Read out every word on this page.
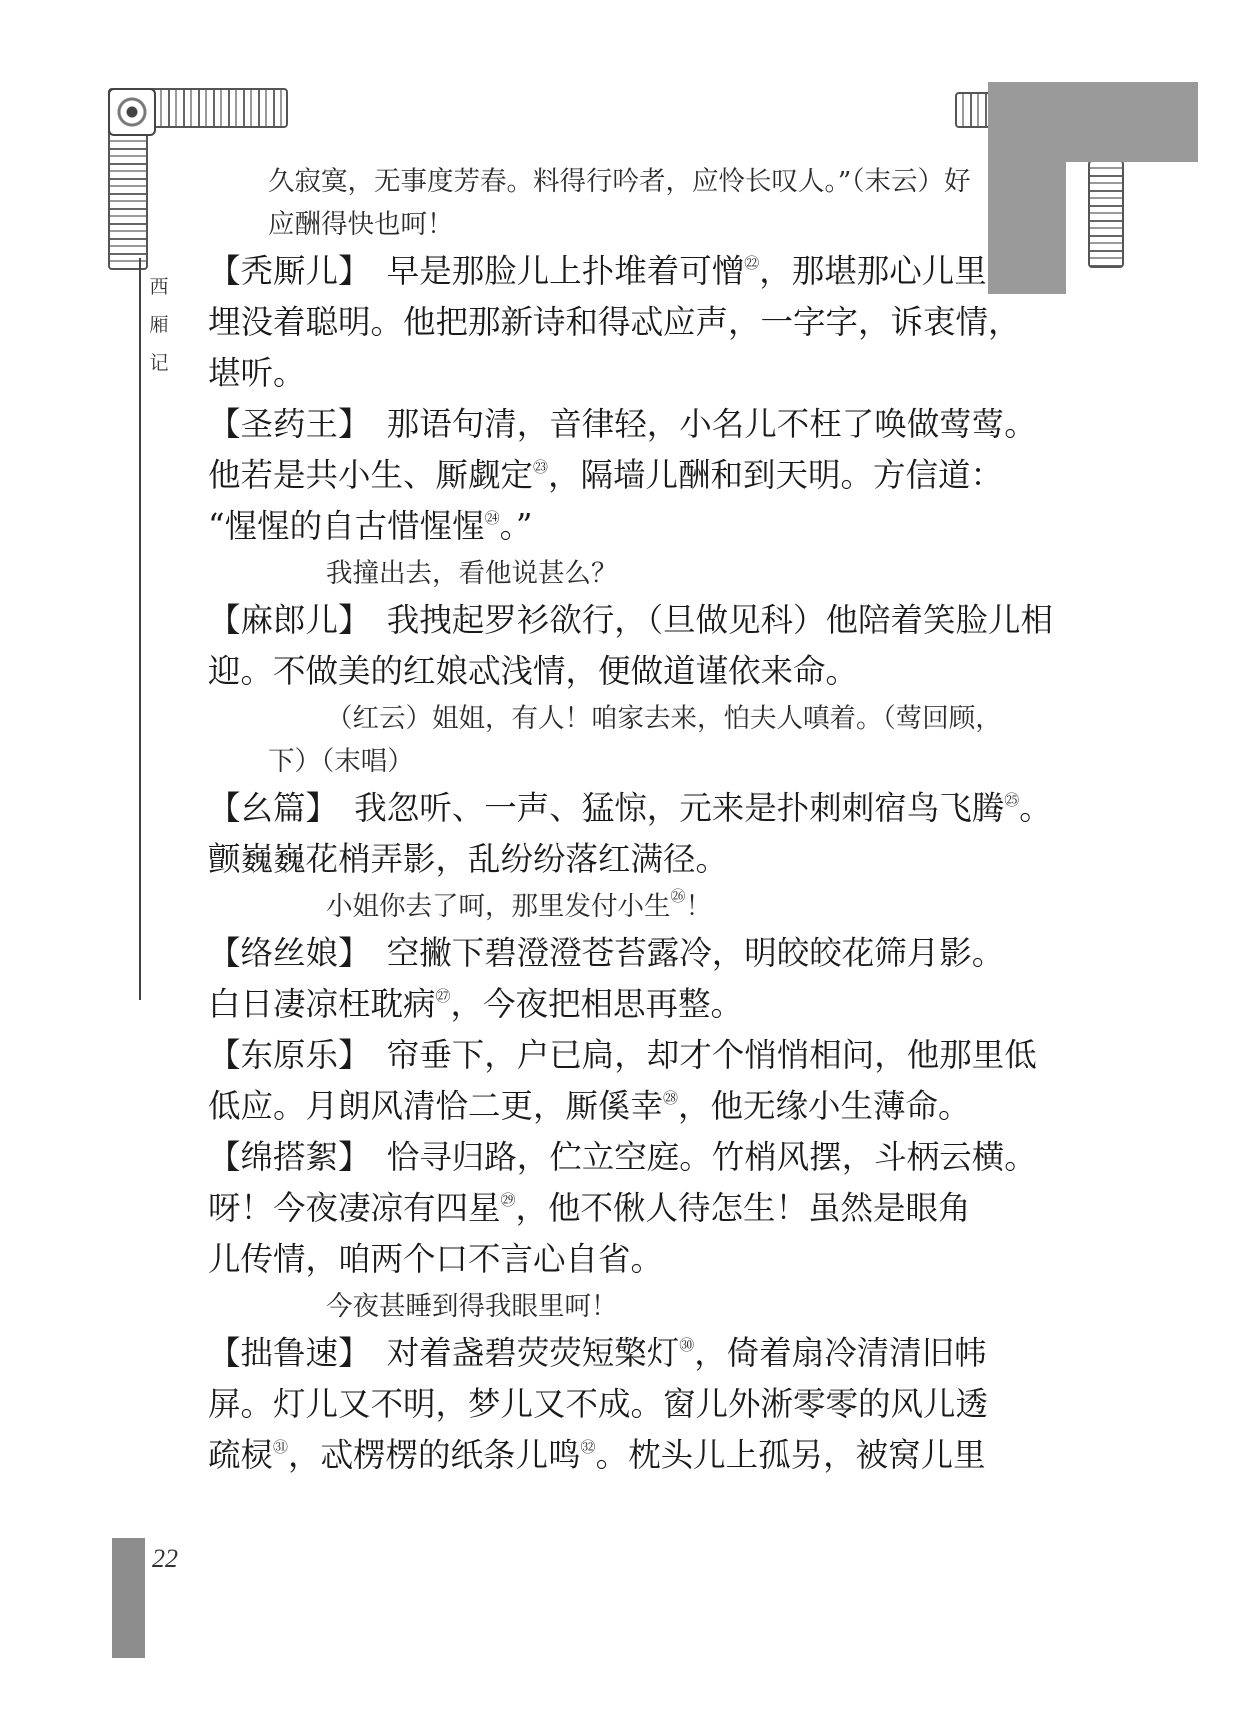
西
厢
记
久寂寞，无事度芳春。料得行吟者，应怜长叹人。”（末云）好
应酬得快也呵！
【秃厮儿】　早是那脸儿上扑堆着可憎$^㉒$，那堪那心儿里
埋没着聪明。他把那新诗和得忒应声，一字字，诉衷情，
堪听。
【圣药王】　那语句清，音律轻，小名儿不枉了唤做莺莺。
他若是共小生、厮觑定$^㉓$，隔墙儿酬和到天明。方信道：
“惺惺的自古惜惺惺$^㉔$。”
我撞出去，看他说甚么？
【麻郎儿】　我拽起罗衫欲行，（旦做见科）他陪着笑脸儿相
迎。不做美的红娘忒浅情，便做道谨依来命。
（红云）姐姐，有人！咱家去来，怕夫人嗔着。（莺回顾，
下）（末唱）
【幺篇】　我忽听、一声、猛惊，元来是扑刺刺宿鸟飞腾$^㉕$。
颤巍巍花梢弄影，乱纷纷落红满径。
小姐你去了呵，那里发付小生$^㉖$！
【络丝娘】　空撇下碧澄澄苍苔露冷，明皎皎花筛月影。
白日凄凉枉耽病$^㉗$，今夜把相思再整。
【东原乐】　帘垂下，户已扃，却才个悄悄相问，他那里低
低应。月朗风清恰二更，厮傒幸$^㉘$，他无缘小生薄命。
【绵搭絮】　恰寻归路，伫立空庭。竹梢风摆，斗柄云横。
呀！今夜凄凉有四星$^㉙$，他不偢人待怎生！虽然是眼角
儿传情，咱两个口不言心自省。
今夜甚睡到得我眼里呵！
【拙鲁速】　对着盏碧荧荧短檠灯$^㉚$，倚着扇冷清清旧帏
屏。灯儿又不明，梦儿又不成。窗儿外淅零零的风儿透
疏棂$^㉛$，忒楞楞的纸条儿鸣$^㉜$。枕头儿上孤另，被窝儿里
22
